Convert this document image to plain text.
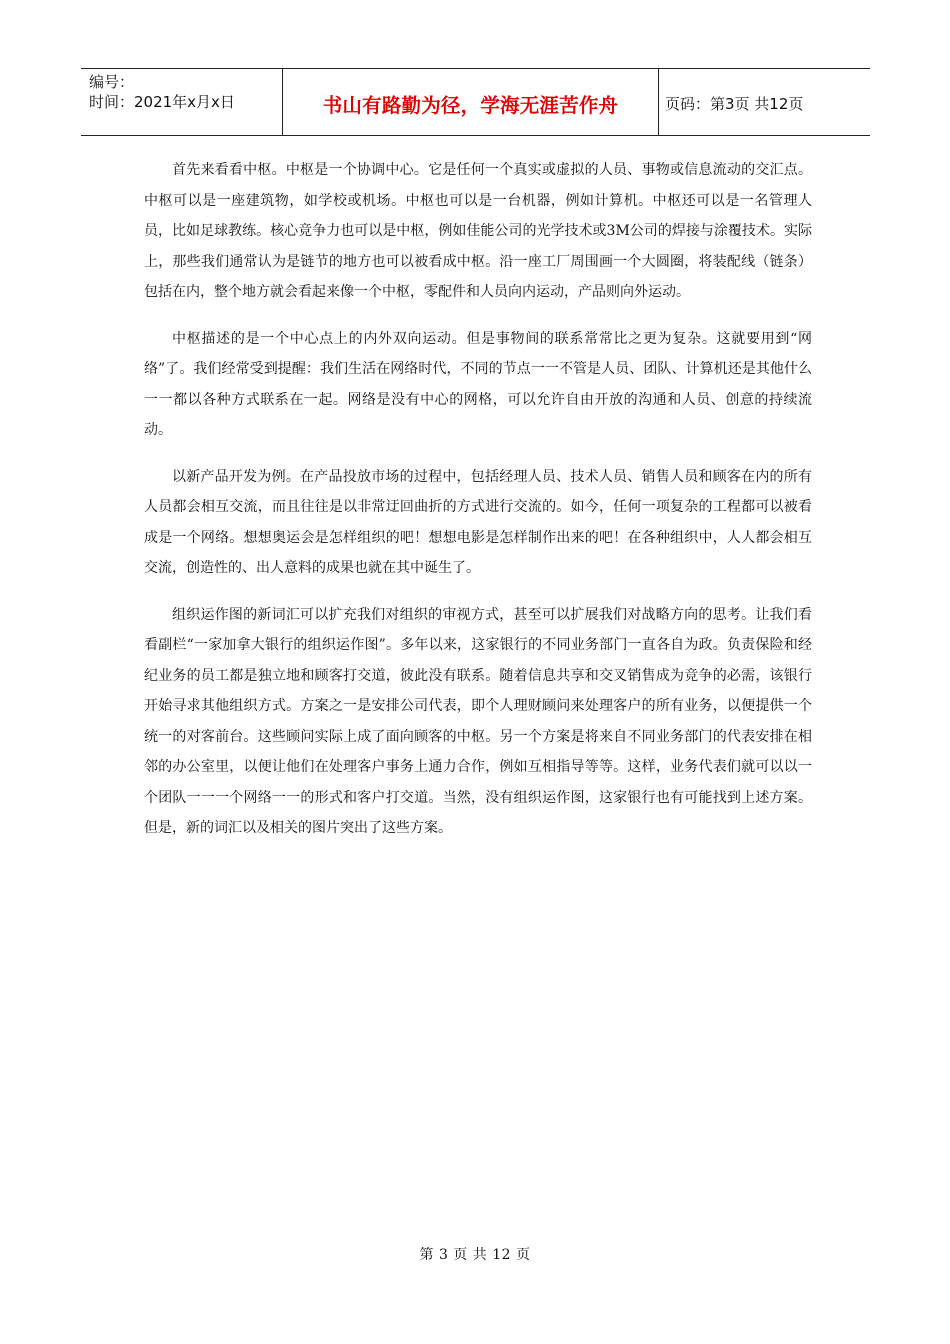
编号：
时间：2021年x月x日	书山有路勤为径，学海无涯苦作舟	页码：第3页 共12页

首先来看看中枢。中枢是一个协调中心。它是任何一个真实或虚拟的人员、事物或信息流动的交汇点。中枢可以是一座建筑物，如学校或机场。中枢也可以是一台机器，例如计算机。中枢还可以是一名管理人员，比如足球教练。核心竞争力也可以是中枢，例如佳能公司的光学技术或3M公司的焊接与涂覆技术。实际上，那些我们通常认为是链节的地方也可以被看成中枢。沿一座工厂周围画一个大圆圈，将装配线（链条）包括在内，整个地方就会看起来像一个中枢，零配件和人员向内运动，产品则向外运动。

中枢描述的是一个中心点上的内外双向运动。但是事物间的联系常常比之更为复杂。这就要用到“网络”了。我们经常受到提醒：我们生活在网络时代，不同的节点一一不管是人员、团队、计算机还是其他什么一一都以各种方式联系在一起。网络是没有中心的网格，可以允许自由开放的沟通和人员、创意的持续流动。

以新产品开发为例。在产品投放市场的过程中，包括经理人员、技术人员、销售人员和顾客在内的所有人员都会相互交流，而且往往是以非常迂回曲折的方式进行交流的。如今，任何一项复杂的工程都可以被看成是一个网络。想想奥运会是怎样组织的吧！想想电影是怎样制作出来的吧！在各种组织中，人人都会相互交流，创造性的、出人意料的成果也就在其中诞生了。

组织运作图的新词汇可以扩充我们对组织的审视方式，甚至可以扩展我们对战略方向的思考。让我们看看副栏“一家加拿大银行的组织运作图”。多年以来，这家银行的不同业务部门一直各自为政。负责保险和经纪业务的员工都是独立地和顾客打交道，彼此没有联系。随着信息共享和交叉销售成为竞争的必需，该银行开始寻求其他组织方式。方案之一是安排公司代表，即个人理财顾问来处理客户的所有业务，以便提供一个统一的对客前台。这些顾问实际上成了面向顾客的中枢。另一个方案是将来自不同业务部门的代表安排在相邻的办公室里，以便让他们在处理客户事务上通力合作，例如互相指导等等。这样，业务代表们就可以以一个团队一一一个网络一一的形式和客户打交道。当然，没有组织运作图，这家银行也有可能找到上述方案。但是，新的词汇以及相关的图片突出了这些方案。

第 3 页 共 12 页
